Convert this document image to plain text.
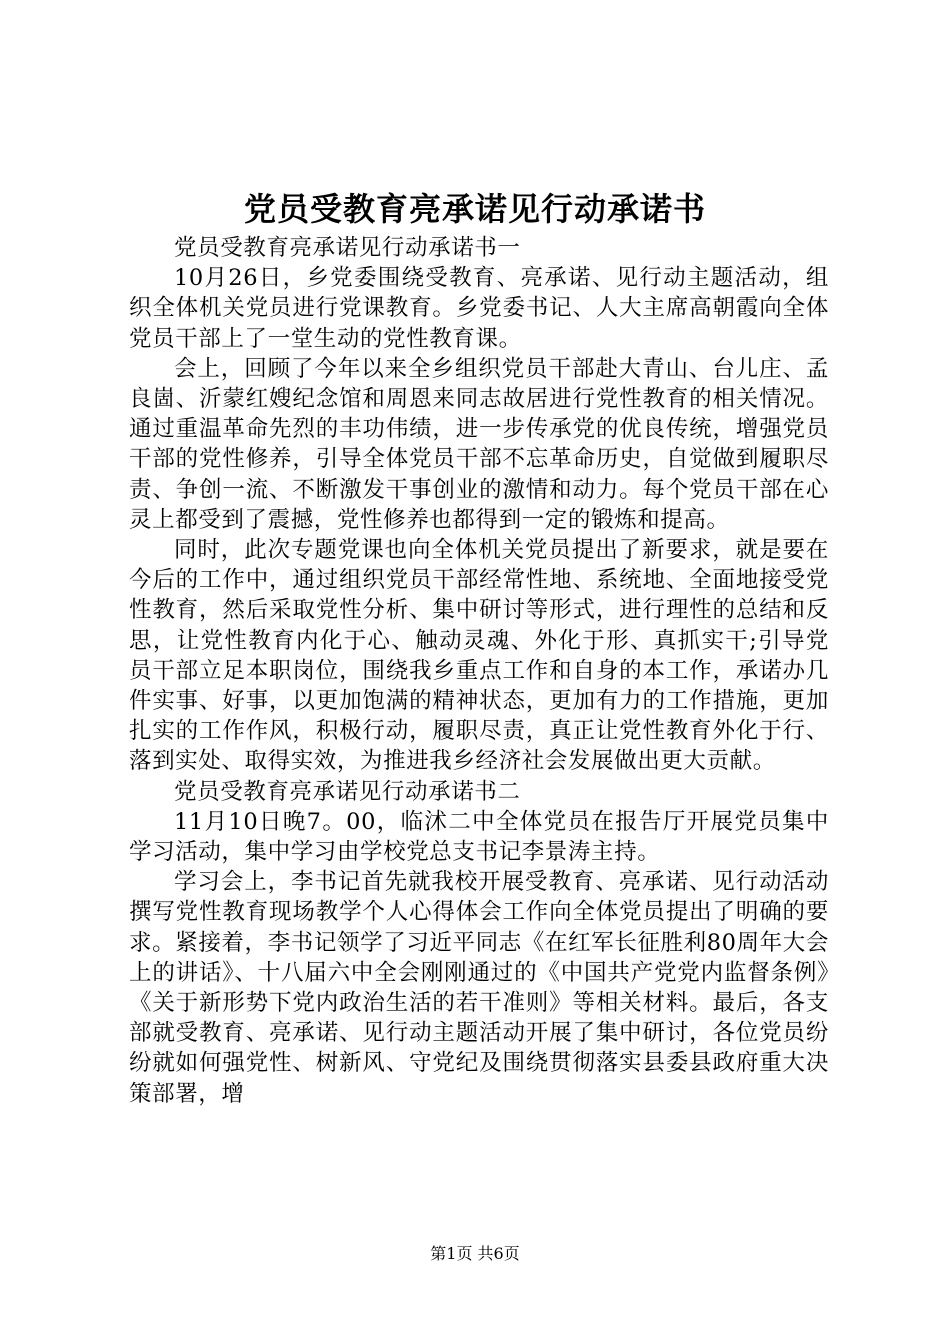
党员受教育亮承诺见行动承诺书

党员受教育亮承诺见行动承诺书一

10月26日，乡党委围绕受教育、亮承诺、见行动主题活动，组织全体机关党员进行党课教育。乡党委书记、人大主席高朝霞向全体党员干部上了一堂生动的党性教育课。

会上，回顾了今年以来全乡组织党员干部赴大青山、台儿庄、孟良崮、沂蒙红嫂纪念馆和周恩来同志故居进行党性教育的相关情况。通过重温革命先烈的丰功伟绩，进一步传承党的优良传统，增强党员干部的党性修养，引导全体党员干部不忘革命历史，自觉做到履职尽责、争创一流、不断激发干事创业的激情和动力。每个党员干部在心灵上都受到了震撼，党性修养也都得到一定的锻炼和提高。

同时，此次专题党课也向全体机关党员提出了新要求，就是要在今后的工作中，通过组织党员干部经常性地、系统地、全面地接受党性教育，然后采取党性分析、集中研讨等形式，进行理性的总结和反思，让党性教育内化于心、触动灵魂、外化于形、真抓实干;引导党员干部立足本职岗位，围绕我乡重点工作和自身的本工作，承诺办几件实事、好事，以更加饱满的精神状态，更加有力的工作措施，更加扎实的工作作风，积极行动，履职尽责，真正让党性教育外化于行、落到实处、取得实效，为推进我乡经济社会发展做出更大贡献。

党员受教育亮承诺见行动承诺书二

11月10日晚7。00，临沭二中全体党员在报告厅开展党员集中学习活动，集中学习由学校党总支书记李景涛主持。

学习会上，李书记首先就我校开展受教育、亮承诺、见行动活动撰写党性教育现场教学个人心得体会工作向全体党员提出了明确的要求。紧接着，李书记领学了习近平同志《在红军长征胜利80周年大会上的讲话》、十八届六中全会刚刚通过的《中国共产党党内监督条例》《关于新形势下党内政治生活的若干准则》等相关材料。最后，各支部就受教育、亮承诺、见行动主题活动开展了集中研讨，各位党员纷纷就如何强党性、树新风、守党纪及围绕贯彻落实县委县政府重大决策部署，增

第1页 共6页
